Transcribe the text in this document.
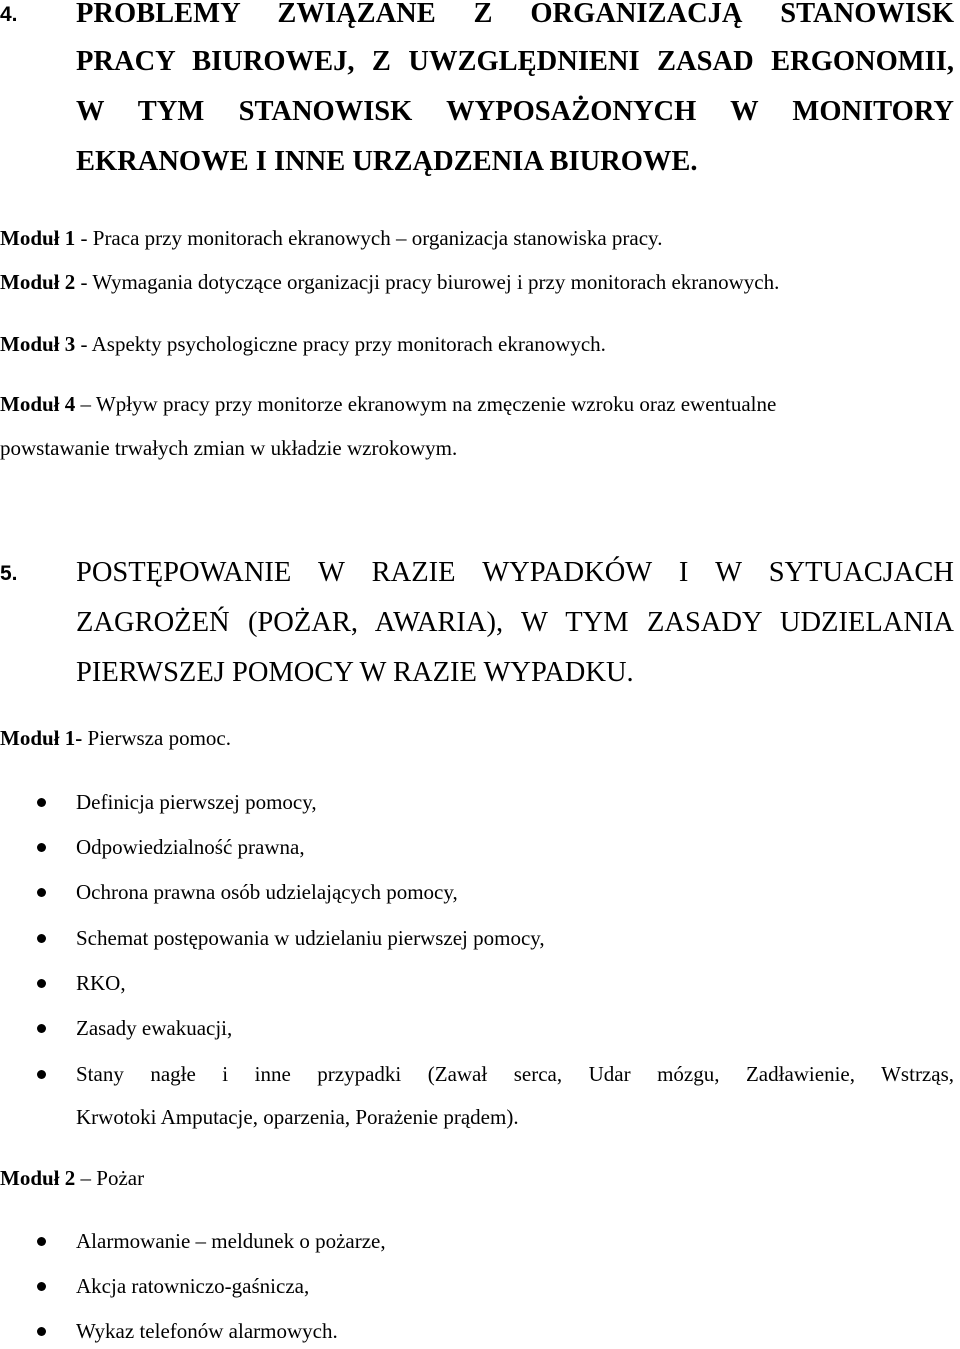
4. PROBLEMY ZWIĄZANE Z ORGANIZACJĄ STANOWISK
PRACY BIUROWEJ, Z UWZGLĘDNIENI ZASAD ERGONOMII,
W TYM STANOWISK WYPOSAŻONYCH W MONITORY
EKRANOWE I INNE URZĄDZENIA BIUROWE.
Moduł 1 - Praca przy monitorach ekranowych – organizacja stanowiska pracy.
Moduł 2 - Wymagania dotyczące organizacji pracy biurowej i przy monitorach ekranowych.
Moduł 3 - Aspekty psychologiczne pracy przy monitorach ekranowych.
Moduł 4 – Wpływ pracy przy monitorze ekranowym na zmęczenie wzroku oraz ewentualne
powstawanie trwałych zmian w układzie wzrokowym.
5. POSTĘPOWANIE W RAZIE WYPADKÓW I W SYTUACJACH
ZAGROŻEŃ (POŻAR, AWARIA), W TYM ZASADY UDZIELANIA
PIERWSZEJ POMOCY W RAZIE WYPADKU.
Moduł 1- Pierwsza pomoc.
Definicja pierwszej pomocy,
Odpowiedzialność prawna,
Ochrona prawna osób udzielających pomocy,
Schemat postępowania w udzielaniu pierwszej pomocy,
RKO,
Zasady ewakuacji,
Stany nagłe i inne przypadki (Zawał serca, Udar mózgu, Zadławienie, Wstrząs,
Krwotoki Amputacje, oparzenia, Porażenie prądem).
Moduł 2 – Pożar
Alarmowanie – meldunek o pożarze,
Akcja ratowniczo-gaśnicza,
Wykaz telefonów alarmowych.
